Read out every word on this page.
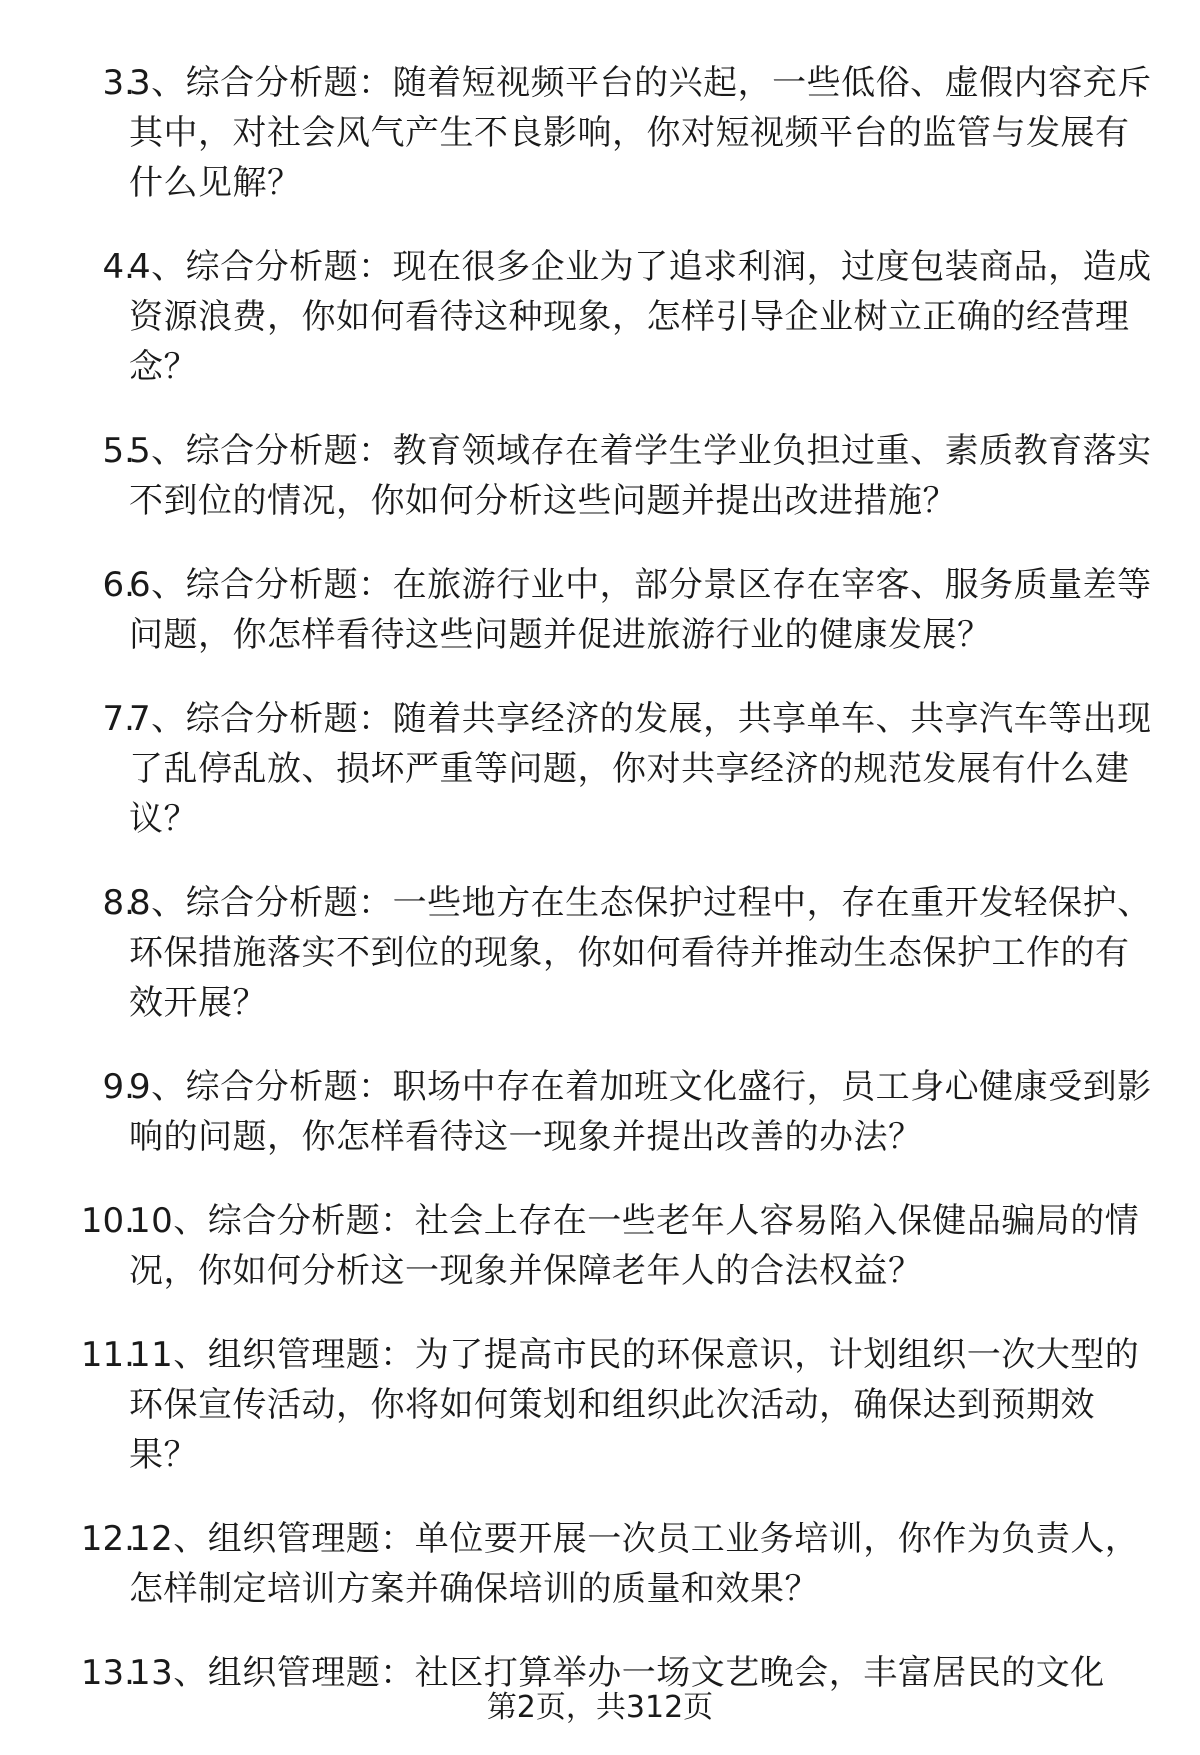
3.
3、综合分析题：随着短视频平台的兴起，一些低俗、虚假内容充斥其中，对社会风气产生不良影响，你对短视频平台的监管与发展有什么见解？
4.
4、综合分析题：现在很多企业为了追求利润，过度包装商品，造成资源浪费，你如何看待这种现象，怎样引导企业树立正确的经营理念？
5.
5、综合分析题：教育领域存在着学生学业负担过重、素质教育落实不到位的情况，你如何分析这些问题并提出改进措施？
6.
6、综合分析题：在旅游行业中，部分景区存在宰客、服务质量差等问题，你怎样看待这些问题并促进旅游行业的健康发展？
7.
7、综合分析题：随着共享经济的发展，共享单车、共享汽车等出现了乱停乱放、损坏严重等问题，你对共享经济的规范发展有什么建议？
8.
8、综合分析题：一些地方在生态保护过程中，存在重开发轻保护、环保措施落实不到位的现象，你如何看待并推动生态保护工作的有效开展？
9.
9、综合分析题：职场中存在着加班文化盛行，员工身心健康受到影响的问题，你怎样看待这一现象并提出改善的办法？
10.
10、综合分析题：社会上存在一些老年人容易陷入保健品骗局的情况，你如何分析这一现象并保障老年人的合法权益？
11.
11、组织管理题：为了提高市民的环保意识，计划组织一次大型的环保宣传活动，你将如何策划和组织此次活动，确保达到预期效果？
12.
12、组织管理题：单位要开展一次员工业务培训，你作为负责人，怎样制定培训方案并确保培训的质量和效果？
13.
13、组织管理题：社区打算举办一场文艺晚会，丰富居民的文化
第2页，共312页
